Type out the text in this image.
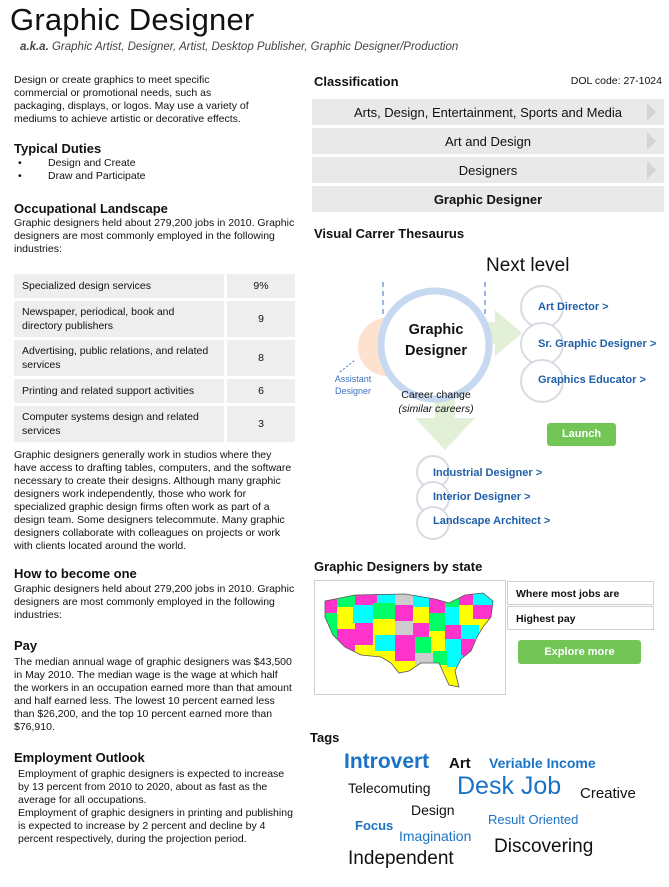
Graphic Designer
a.k.a. Graphic Artist, Designer, Artist, Desktop Publisher, Graphic Designer/Production
Design or create graphics to meet specific commercial or promotional needs, such as packaging, displays, or logos. May use a variety of mediums to achieve artistic or decorative effects.
Typical Duties
• Design and Create
• Draw and Participate
Occupational Landscape
Graphic designers held about 279,200 jobs in 2010. Graphic designers are most commonly employed in the following industries:
Specialized design services	9%
Newspaper, periodical, book and directory publishers	9
Advertising, public relations, and related services	8
Printing and related support activities	6
Computer systems design and related services	3
Graphic designers generally work in studios where they have access to drafting tables, computers, and the software necessary to create their designs. Although many graphic designers work independently, those who work for specialized graphic design firms often work as part of a design team. Some designers telecommute. Many graphic designers collaborate with colleagues on projects or work with clients located around the world.
How to become one
Graphic designers held about 279,200 jobs in 2010. Graphic designers are most commonly employed in the following industries:
Pay
The median annual wage of graphic designers was $43,500 in May 2010. The median wage is the wage at which half the workers in an occupation earned more than that amount and half earned less. The lowest 10 percent earned less than $26,200, and the top 10 percent earned more than $76,910.
Employment Outlook
Employment of graphic designers is expected to increase by 13 percent from 2010 to 2020, about as fast as the average for all occupations.
Employment of graphic designers in printing and publishing is expected to increase by 2 percent and decline by 4 percent respectively, during the projection period.
Classification	DOL code: 27-1024
Arts, Design, Entertainment, Sports and Media
Art and Design
Designers
Graphic Designer
Visual Carrer Thesaurus
Next level
Graphic Designer
Assistant Designer	Career change
(similar careers)
Art Director >
Sr. Graphic Designer >
Graphics Educator >
Launch
Industrial Designer >
Interior Designer >
Landscape Architect >
Graphic Designers by state
Where most jobs are
Highest pay
Explore more
Tags
Introvert Art Veriable Income
Telecomuting Desk Job Creative
Design
Focus	Result Oriented
Imagination
Independent
Discovering
